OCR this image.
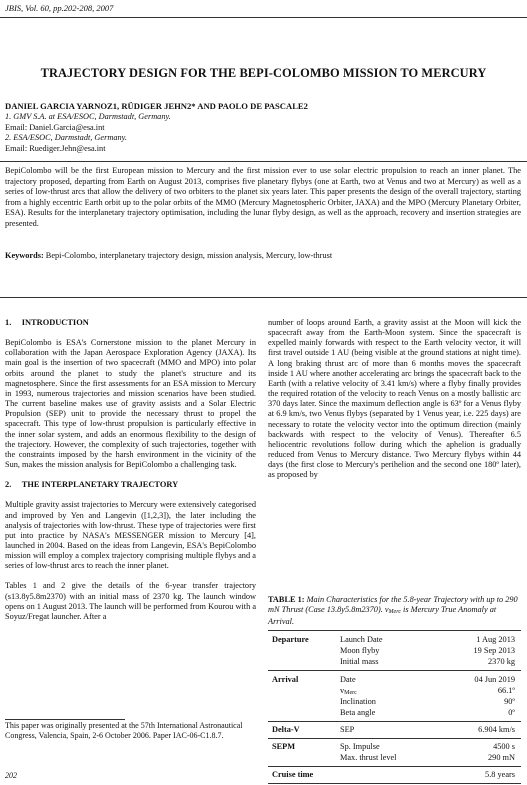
JBIS, Vol. 60, pp.202-208, 2007
TRAJECTORY DESIGN FOR THE BEPI-COLOMBO MISSION TO MERCURY
DANIEL GARCIA YARNOZ1, RÜDIGER JEHN2* AND PAOLO DE PASCALE2
1. GMV S.A. at ESA/ESOC, Darmstadt, Germany.
Email: Daniel.Garcia@esa.int
2. ESA/ESOC, Darmstadt, Germany.
Email: Ruediger.Jehn@esa.int
BepiColombo will be the first European mission to Mercury and the first mission ever to use solar electric propulsion to reach an inner planet. The trajectory proposed, departing from Earth on August 2013, comprises five planetary flybys (one at Earth, two at Venus and two at Mercury) as well as a series of low-thrust arcs that allow the delivery of two orbiters to the planet six years later. This paper presents the design of the overall trajectory, starting from a highly eccentric Earth orbit up to the polar orbits of the MMO (Mercury Magnetospheric Orbiter, JAXA) and the MPO (Mercury Planetary Orbiter, ESA). Results for the interplanetary trajectory optimisation, including the lunar flyby design, as well as the approach, recovery and insertion strategies are presented.
Keywords: Bepi-Colombo, interplanetary trajectory design, mission analysis, Mercury, low-thrust
1.     INTRODUCTION

BepiColombo is ESA's Cornerstone mission to the planet Mercury in collaboration with the Japan Aerospace Exploration Agency (JAXA). Its main goal is the insertion of two spacecraft (MMO and MPO) into polar orbits around the planet to study the planet's structure and its magnetosphere. Since the first assessments for an ESA mission to Mercury in 1993, numerous trajectories and mission scenarios have been studied. The current baseline makes use of gravity assists and a Solar Electric Propulsion (SEP) unit to provide the necessary thrust to propel the spacecraft. This type of low-thrust propulsion is particularly effective in the inner solar system, and adds an enormous flexibility to the design of the trajectory. However, the complexity of such trajectories, together with the constraints imposed by the harsh environment in the vicinity of the Sun, makes the mission analysis for BepiColombo a challenging task.

2.     THE INTERPLANETARY TRAJECTORY

Multiple gravity assist trajectories to Mercury were extensively categorised and improved by Yen and Langevin ([1,2,3]), the later including the analysis of trajectories with low-thrust. These type of trajectories were first put into practice by NASA's MESSENGER mission to Mercury [4], launched in 2004. Based on the ideas from Langevin, ESA's BepiColombo mission will employ a complex trajectory comprising multiple flybys and a series of low-thrust arcs to reach the inner planet.

Tables 1 and 2 give the details of the 6-year transfer trajectory (s13.8y5.8m2370) with an initial mass of 2370 kg. The launch window opens on 1 August 2013. The launch will be performed from Kourou with a Soyuz/Fregat launcher. After a

number of loops around Earth, a gravity assist at the Moon will kick the spacecraft away from the Earth-Moon system. Since the spacecraft is expelled mainly forwards with respect to the Earth velocity vector, it will first travel outside 1 AU (being visible at the ground stations at night time). A long braking thrust arc of more than 6 months moves the spacecraft inside 1 AU where another accelerating arc brings the spacecraft back to the Earth (with a relative velocity of 3.41 km/s) where a flyby finally provides the required rotation of the velocity to reach Venus on a mostly ballistic arc 370 days later. Since the maximum deflection angle is 63º for a Venus flyby at 6.9 km/s, two Venus flybys (separated by 1 Venus year, i.e. 225 days) are necessary to rotate the velocity vector into the optimum direction (mainly backwards with respect to the velocity of Venus). Thereafter 6.5 heliocentric revolutions follow during which the aphelion is gradually reduced from Venus to Mercury distance. Two Mercury flybys within 44 days (the first close to Mercury's perihelion and the second one 180º later), as proposed by

TABLE 1: Main Characteristics for the 5.8-year Trajectory with up to 290 mN Thrust (Case 13.8y5.8m2370). vMerc is Mercury True Anomaly at Arrival.
Departure	Launch Date	1 Aug 2013
Moon flyby	19 Sep 2013
Initial mass	2370 kg
Arrival	Date	04 Jun 2019
vMerc	66.1º
Inclination	90º
Beta angle	0º
Delta-V	SEP	6.904 km/s
SEPM	Sp. Impulse	4500 s
Max. thrust level	290 mN
Cruise time	5.8 years
This paper was originally presented at the 57th International Astronautical Congress, Valencia, Spain, 2-6 October 2006. Paper IAC-06-C1.8.7.
202
